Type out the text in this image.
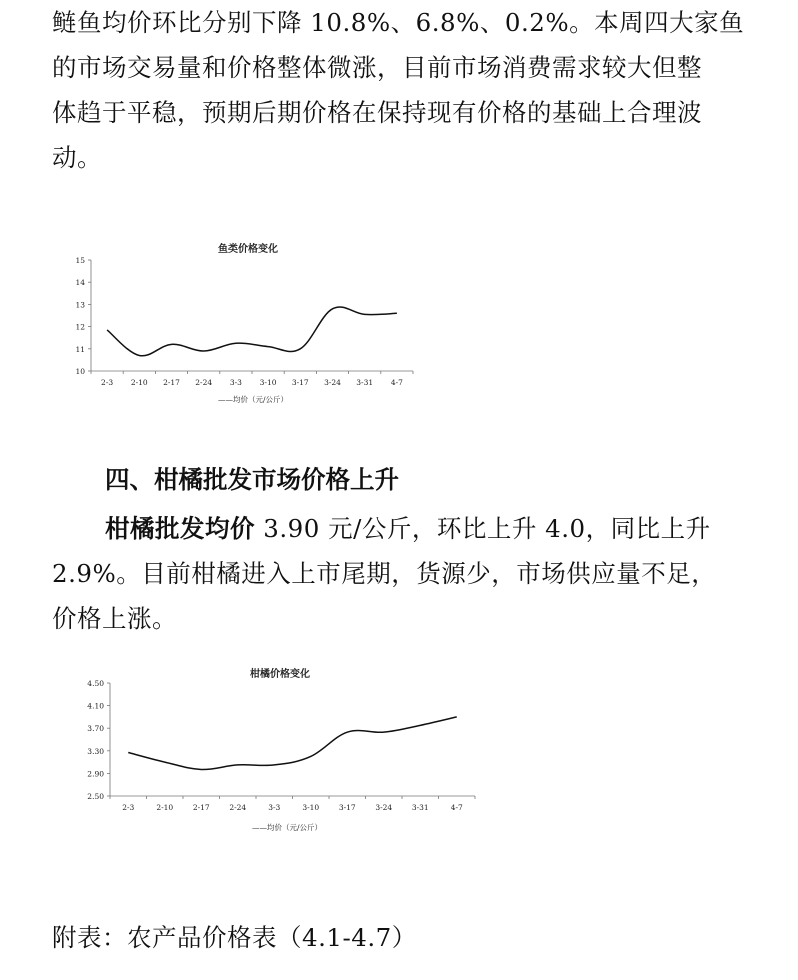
鲢鱼均价环比分别下降 10.8%、6.8%、0.2%。本周四大家鱼
的市场交易量和价格整体微涨，目前市场消费需求较大但整
体趋于平稳，预期后期价格在保持现有价格的基础上合理波
动。

鱼类价格变化
10
11
12
13
14
15
2-3 2-10 2-17 2-24 3-3 3-10 3-17 3-24 3-31 4-7
——均价（元/公斤）
四、柑橘批发市场价格上升

柑橘批发均价 3.90 元/公斤，环比上升 4.0，同比上升
2.9%。目前柑橘进入上市尾期，货源少，市场供应量不足，
价格上涨。

柑橘价格变化
2.50
2.90
3.30
3.70
4.10
4.50
2-3	2-10	2-17	2-24	3-3	3-10	3-17	3-24	3-31	4-7
——均价（元/公斤）

附表：农产品价格表（4.1-4.7）
